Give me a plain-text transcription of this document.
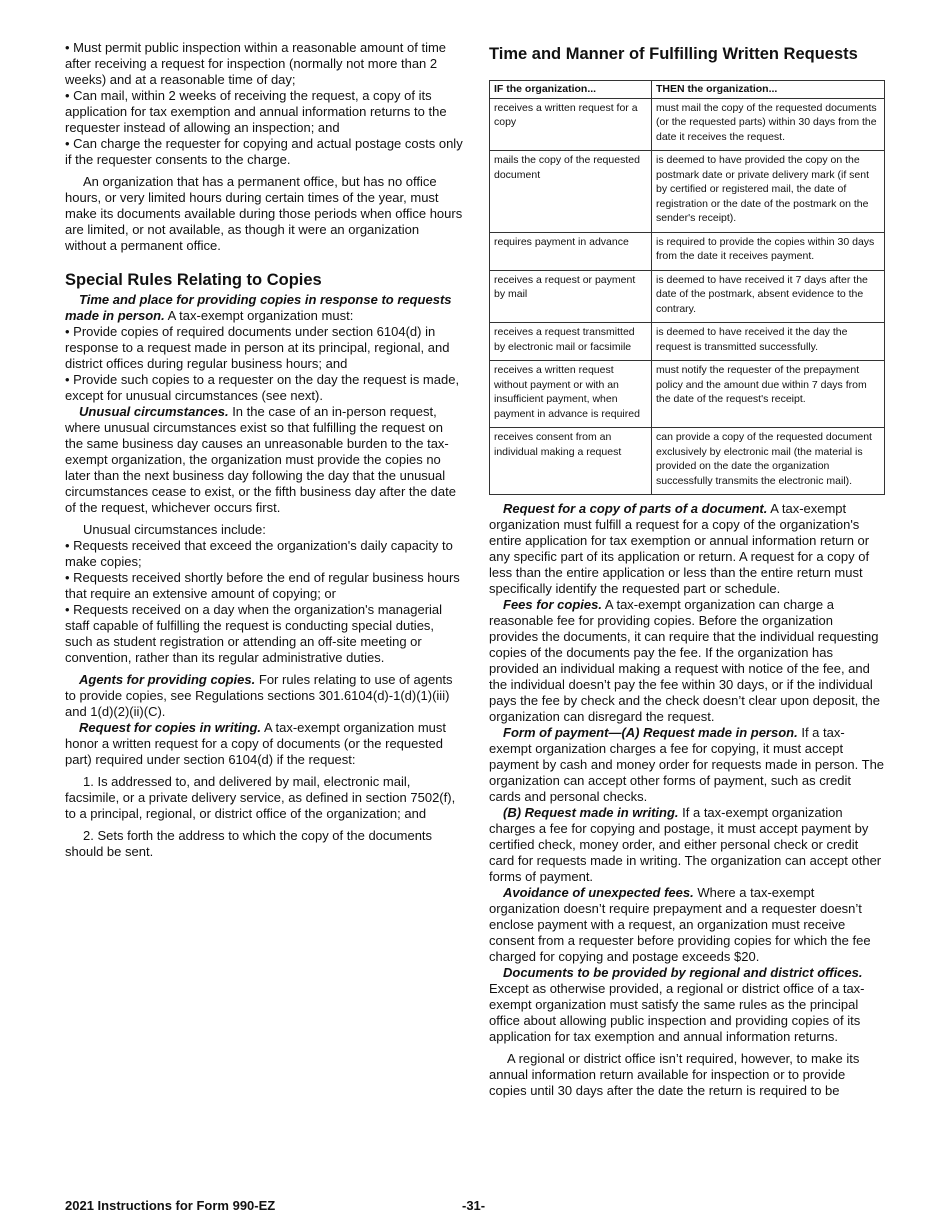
• Must permit public inspection within a reasonable amount of time after receiving a request for inspection (normally not more than 2 weeks) and at a reasonable time of day;

• Can mail, within 2 weeks of receiving the request, a copy of its application for tax exemption and annual information returns to the requester instead of allowing an inspection; and

• Can charge the requester for copying and actual postage costs only if the requester consents to the charge.

An organization that has a permanent office, but has no office hours, or very limited hours during certain times of the year, must make its documents available during those periods when office hours are limited, or not available, as though it were an organization without a permanent office.

Special Rules Relating to Copies

Time and place for providing copies in response to requests made in person. A tax-exempt organization must:

• Provide copies of required documents under section 6104(d) in response to a request made in person at its principal, regional, and district offices during regular business hours; and

• Provide such copies to a requester on the day the request is made, except for unusual circumstances (see next).

Unusual circumstances. In the case of an in-person request, where unusual circumstances exist so that fulfilling the request on the same business day causes an unreasonable burden to the tax-exempt organization, the organization must provide the copies no later than the next business day following the day that the unusual circumstances cease to exist, or the fifth business day after the date of the request, whichever occurs first.

Unusual circumstances include:

• Requests received that exceed the organization's daily capacity to make copies;

• Requests received shortly before the end of regular business hours that require an extensive amount of copying; or

• Requests received on a day when the organization's managerial staff capable of fulfilling the request is conducting special duties, such as student registration or attending an off-site meeting or convention, rather than its regular administrative duties.

Agents for providing copies. For rules relating to use of agents to provide copies, see Regulations sections 301.6104(d)-1(d)(1)(iii) and 1(d)(2)(ii)(C).

Request for copies in writing. A tax-exempt organization must honor a written request for a copy of documents (or the requested part) required under section 6104(d) if the request:

1. Is addressed to, and delivered by mail, electronic mail, facsimile, or a private delivery service, as defined in section 7502(f), to a principal, regional, or district office of the organization; and

2. Sets forth the address to which the copy of the documents should be sent.

Time and Manner of Fulfilling Written Requests
IF the organization...	THEN the organization...
receives a written request for a copy	must mail the copy of the requested documents (or the requested parts) within 30 days from the date it receives the request.
mails the copy of the requested document	is deemed to have provided the copy on the postmark date or private delivery mark (if sent by certified or registered mail, the date of registration or the date of the postmark on the sender's receipt).
requires payment in advance	is required to provide the copies within 30 days from the date it receives payment.
receives a request or payment by mail	is deemed to have received it 7 days after the date of the postmark, absent evidence to the contrary.
receives a request transmitted by electronic mail or facsimile	is deemed to have received it the day the request is transmitted successfully.
receives a written request without payment or with an insufficient payment, when payment in advance is required	must notify the requester of the prepayment policy and the amount due within 7 days from the date of the request's receipt.
receives consent from an individual making a request	can provide a copy of the requested document exclusively by electronic mail (the material is provided on the date the organization successfully transmits the electronic mail).

Request for a copy of parts of a document. A tax-exempt organization must fulfill a request for a copy of the organization's entire application for tax exemption or annual information return or any specific part of its application or return. A request for a copy of less than the entire application or less than the entire return must specifically identify the requested part or schedule.

Fees for copies. A tax-exempt organization can charge a reasonable fee for providing copies. Before the organization provides the documents, it can require that the individual requesting copies of the documents pay the fee. If the organization has provided an individual making a request with notice of the fee, and the individual doesn’t pay the fee within 30 days, or if the individual pays the fee by check and the check doesn’t clear upon deposit, the organization can disregard the request.

Form of payment—(A) Request made in person. If a tax-exempt organization charges a fee for copying, it must accept payment by cash and money order for requests made in person. The organization can accept other forms of payment, such as credit cards and personal checks.

(B) Request made in writing. If a tax-exempt organization charges a fee for copying and postage, it must accept payment by certified check, money order, and either personal check or credit card for requests made in writing. The organization can accept other forms of payment.

Avoidance of unexpected fees. Where a tax-exempt organization doesn’t require prepayment and a requester doesn’t enclose payment with a request, an organization must receive consent from a requester before providing copies for which the fee charged for copying and postage exceeds $20.

Documents to be provided by regional and district offices. Except as otherwise provided, a regional or district office of a tax-exempt organization must satisfy the same rules as the principal office about allowing public inspection and providing copies of its application for tax exemption and annual information returns.

A regional or district office isn’t required, however, to make its annual information return available for inspection or to provide copies until 30 days after the date the return is required to be

2021 Instructions for Form 990-EZ	-31-
